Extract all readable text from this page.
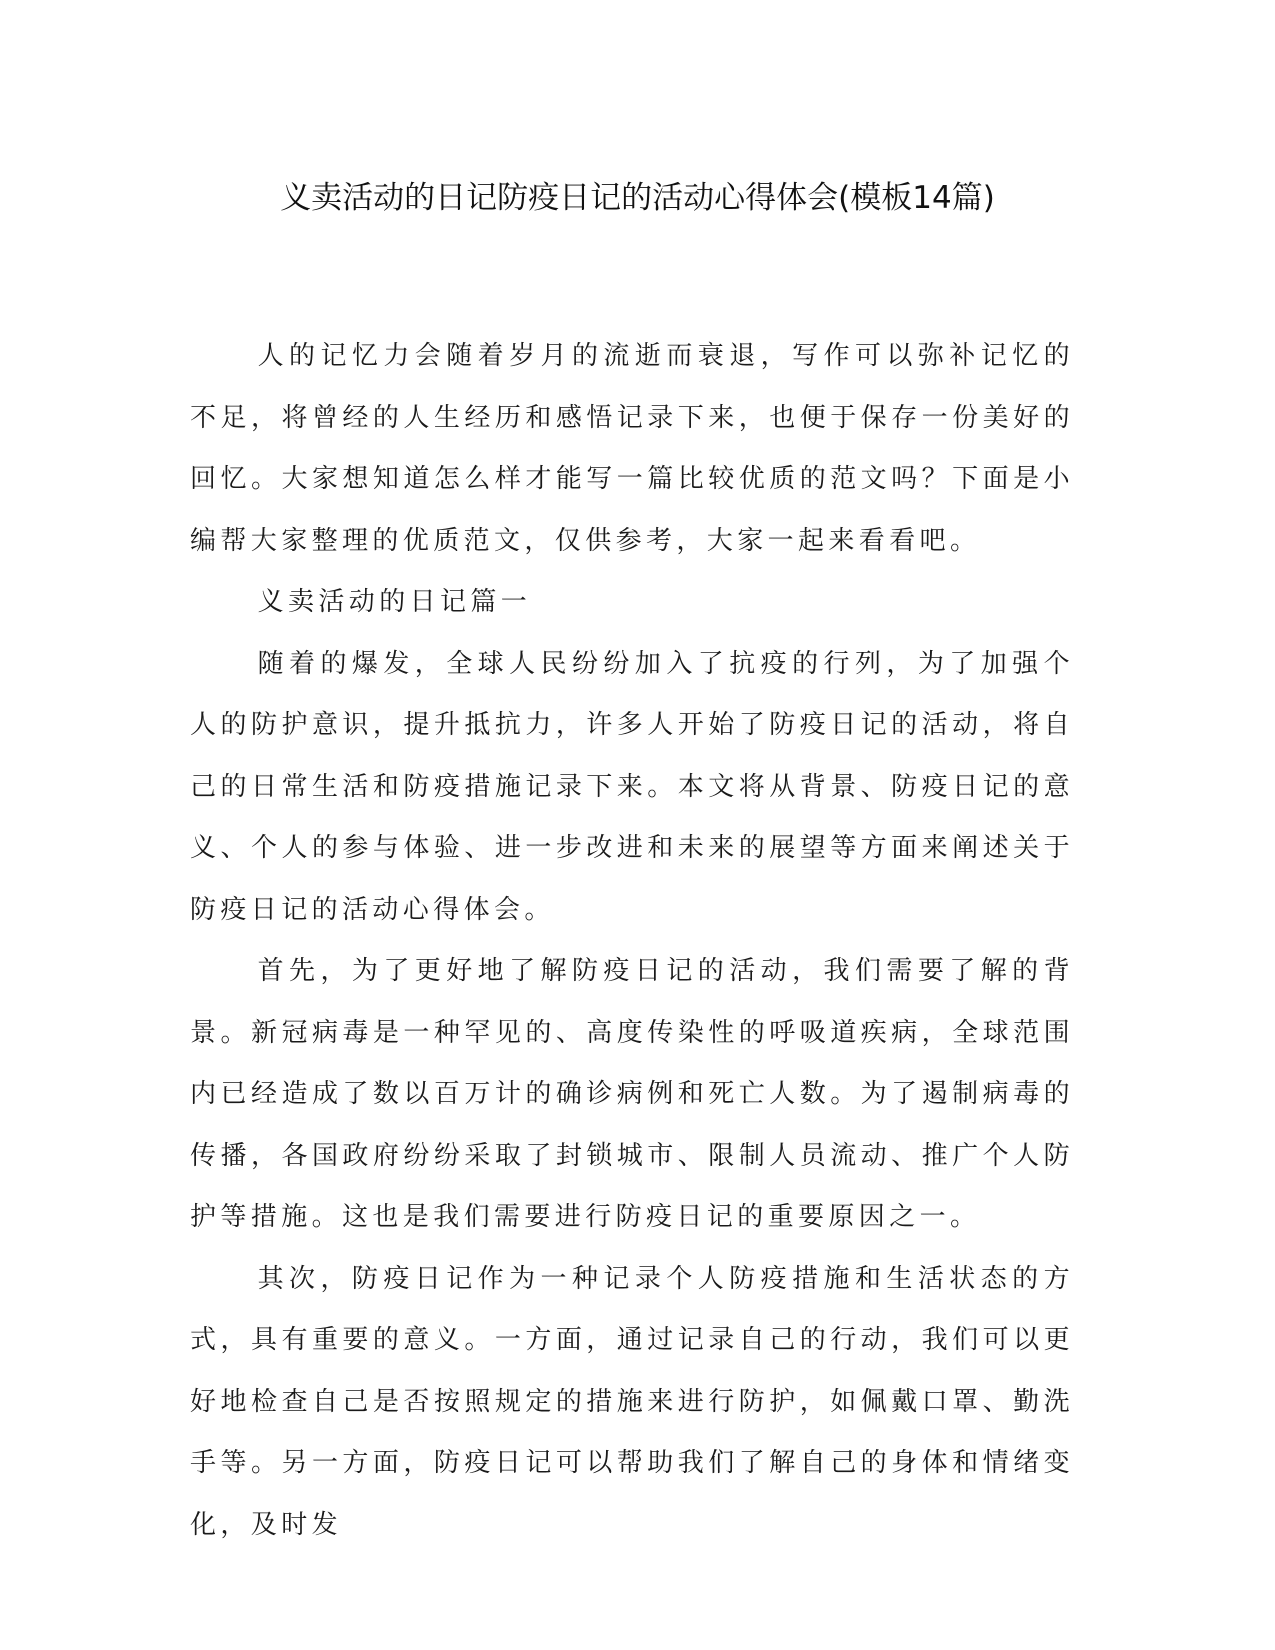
义卖活动的日记防疫日记的活动心得体会(模板14篇)

人的记忆力会随着岁月的流逝而衰退，写作可以弥补记忆的不足，将曾经的人生经历和感悟记录下来，也便于保存一份美好的回忆。大家想知道怎么样才能写一篇比较优质的范文吗？下面是小编帮大家整理的优质范文，仅供参考，大家一起来看看吧。

义卖活动的日记篇一

随着的爆发，全球人民纷纷加入了抗疫的行列，为了加强个人的防护意识，提升抵抗力，许多人开始了防疫日记的活动，将自己的日常生活和防疫措施记录下来。本文将从背景、防疫日记的意义、个人的参与体验、进一步改进和未来的展望等方面来阐述关于防疫日记的活动心得体会。

首先，为了更好地了解防疫日记的活动，我们需要了解的背景。新冠病毒是一种罕见的、高度传染性的呼吸道疾病，全球范围内已经造成了数以百万计的确诊病例和死亡人数。为了遏制病毒的传播，各国政府纷纷采取了封锁城市、限制人员流动、推广个人防护等措施。这也是我们需要进行防疫日记的重要原因之一。

其次，防疫日记作为一种记录个人防疫措施和生活状态的方式，具有重要的意义。一方面，通过记录自己的行动，我们可以更好地检查自己是否按照规定的措施来进行防护，如佩戴口罩、勤洗手等。另一方面，防疫日记可以帮助我们了解自己的身体和情绪变化，及时发
